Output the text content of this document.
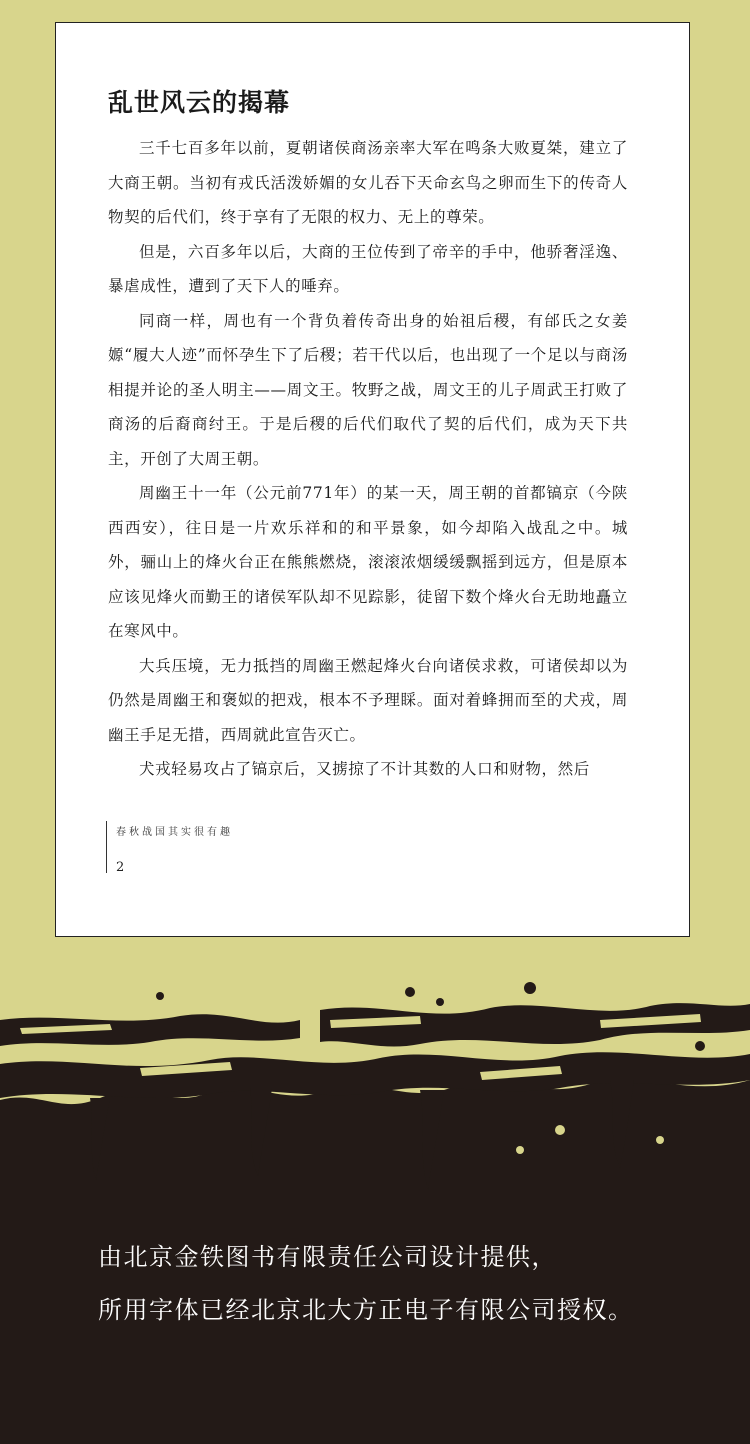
乱世风云的揭幕

三千七百多年以前，夏朝诸侯商汤亲率大军在鸣条大败夏桀，建立了大商王朝。当初有戎氏活泼娇媚的女儿吞下天命玄鸟之卵而生下的传奇人物契的后代们，终于享有了无限的权力、无上的尊荣。

但是，六百多年以后，大商的王位传到了帝辛的手中，他骄奢淫逸、暴虐成性，遭到了天下人的唾弃。

同商一样，周也有一个背负着传奇出身的始祖后稷，有邰氏之女姜嫄“履大人迹”而怀孕生下了后稷；若干代以后，也出现了一个足以与商汤相提并论的圣人明主——周文王。牧野之战，周文王的儿子周武王打败了商汤的后裔商纣王。于是后稷的后代们取代了契的后代们，成为天下共主，开创了大周王朝。

周幽王十一年（公元前771年）的某一天，周王朝的首都镐京（今陕西西安），往日是一片欢乐祥和的和平景象，如今却陷入战乱之中。城外，骊山上的烽火台正在熊熊燃烧，滚滚浓烟缓缓飘摇到远方，但是原本应该见烽火而勤王的诸侯军队却不见踪影，徒留下数个烽火台无助地矗立在寒风中。

大兵压境，无力抵挡的周幽王燃起烽火台向诸侯求救，可诸侯却以为仍然是周幽王和褒姒的把戏，根本不予理睬。面对着蜂拥而至的犬戎，周幽王手足无措，西周就此宣告灭亡。

犬戎轻易攻占了镐京后，又掳掠了不计其数的人口和财物，然后

春秋战国其实很有趣
2
由北京金铁图书有限责任公司设计提供，
所用字体已经北京北大方正电子有限公司授权。
